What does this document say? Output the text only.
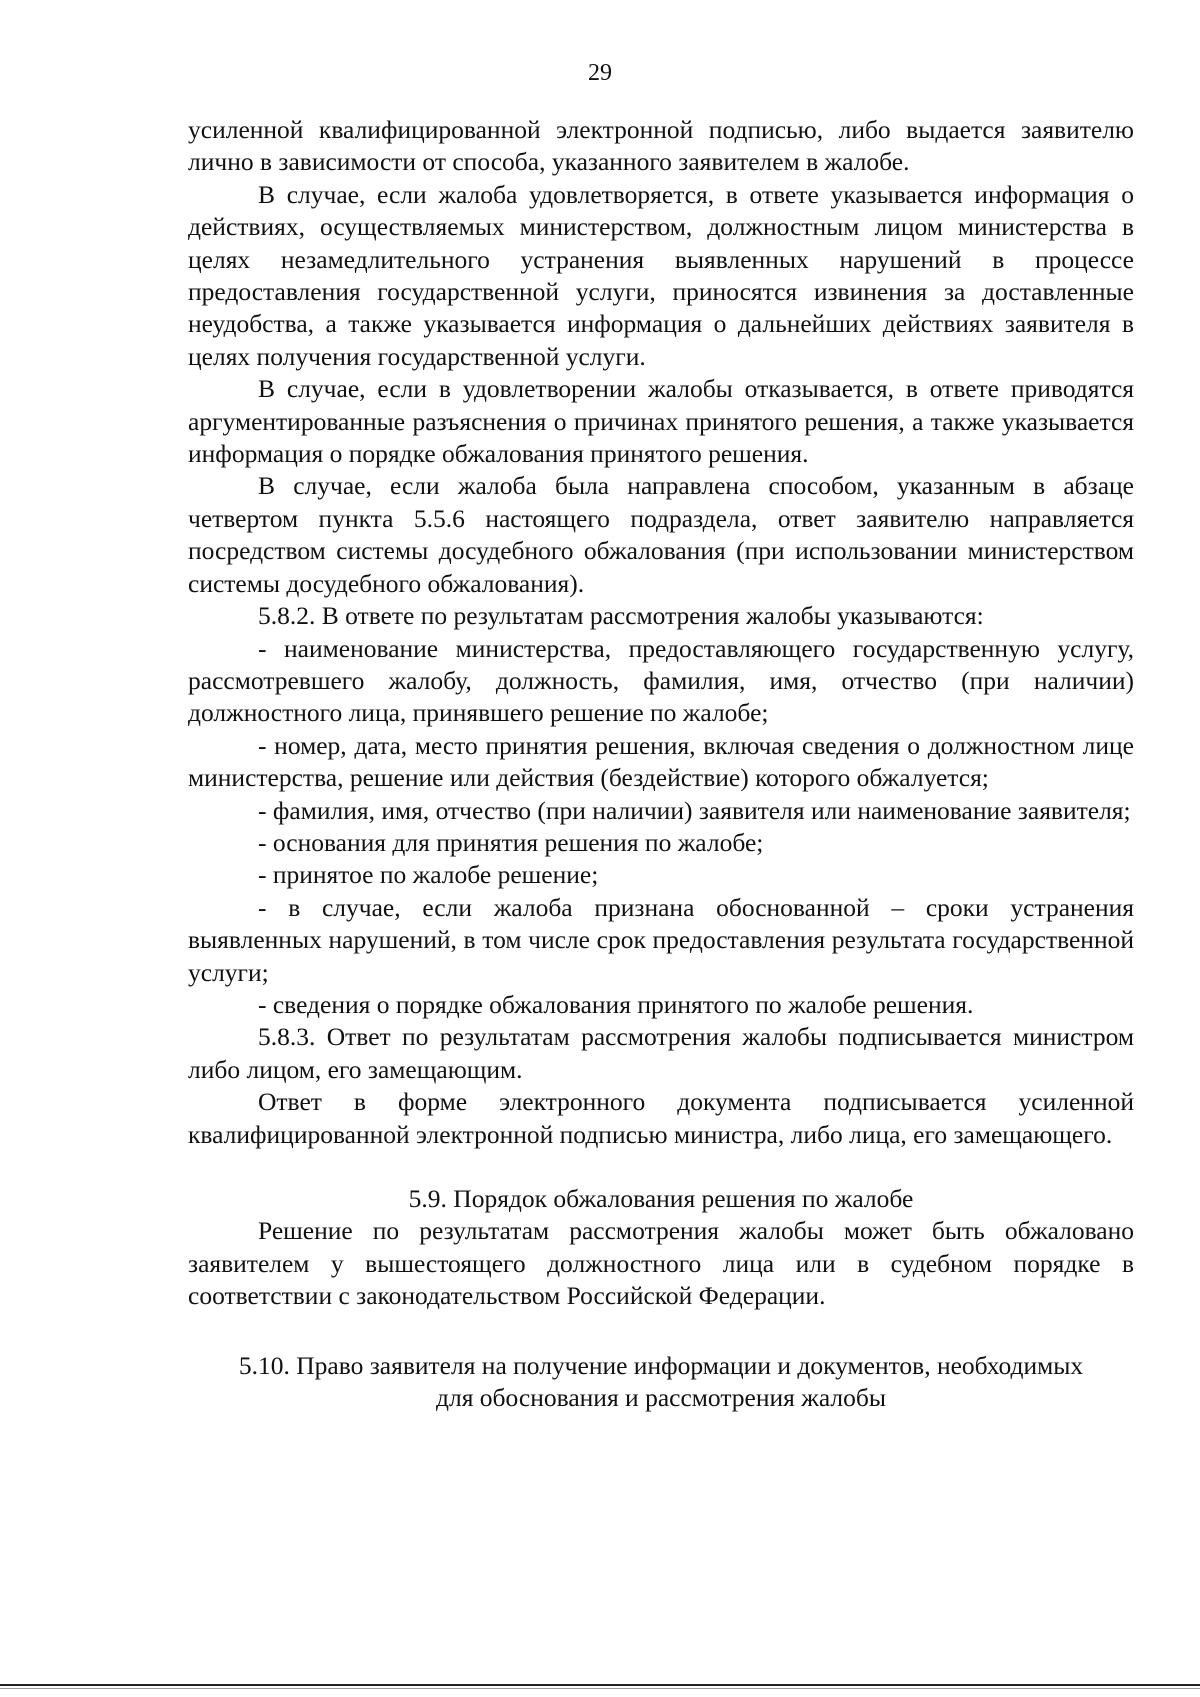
29

усиленной квалифицированной электронной подписью, либо выдается заявителю лично в зависимости от способа, указанного заявителем в жалобе.

В случае, если жалоба удовлетворяется, в ответе указывается информация о действиях, осуществляемых министерством, должностным лицом министерства в целях незамедлительного устранения выявленных нарушений в процессе предоставления государственной услуги, приносятся извинения за доставленные неудобства, а также указывается информация о дальнейших действиях заявителя в целях получения государственной услуги.

В случае, если в удовлетворении жалобы отказывается, в ответе приводятся аргументированные разъяснения о причинах принятого решения, а также указывается информация о порядке обжалования принятого решения.

В случае, если жалоба была направлена способом, указанным в абзаце четвертом пункта 5.5.6 настоящего подраздела, ответ заявителю направляется посредством системы досудебного обжалования (при использовании министерством системы досудебного обжалования).

5.8.2. В ответе по результатам рассмотрения жалобы указываются:

- наименование министерства, предоставляющего государственную услугу, рассмотревшего жалобу, должность, фамилия, имя, отчество (при наличии) должностного лица, принявшего решение по жалобе;

- номер, дата, место принятия решения, включая сведения о должностном лице министерства, решение или действия (бездействие) которого обжалуется;

- фамилия, имя, отчество (при наличии) заявителя или наименование заявителя;

- основания для принятия решения по жалобе;

- принятое по жалобе решение;

- в случае, если жалоба признана обоснованной – сроки устранения выявленных нарушений, в том числе срок предоставления результата государственной услуги;

- сведения о порядке обжалования принятого по жалобе решения.

5.8.3. Ответ по результатам рассмотрения жалобы подписывается министром либо лицом, его замещающим.

Ответ в форме электронного документа подписывается усиленной квалифицированной электронной подписью министра, либо лица, его замещающего.

5.9. Порядок обжалования решения по жалобе

Решение по результатам рассмотрения жалобы может быть обжаловано заявителем у вышестоящего должностного лица или в судебном порядке в соответствии с законодательством Российской Федерации.

5.10. Право заявителя на получение информации и документов, необходимых
для обоснования и рассмотрения жалобы
